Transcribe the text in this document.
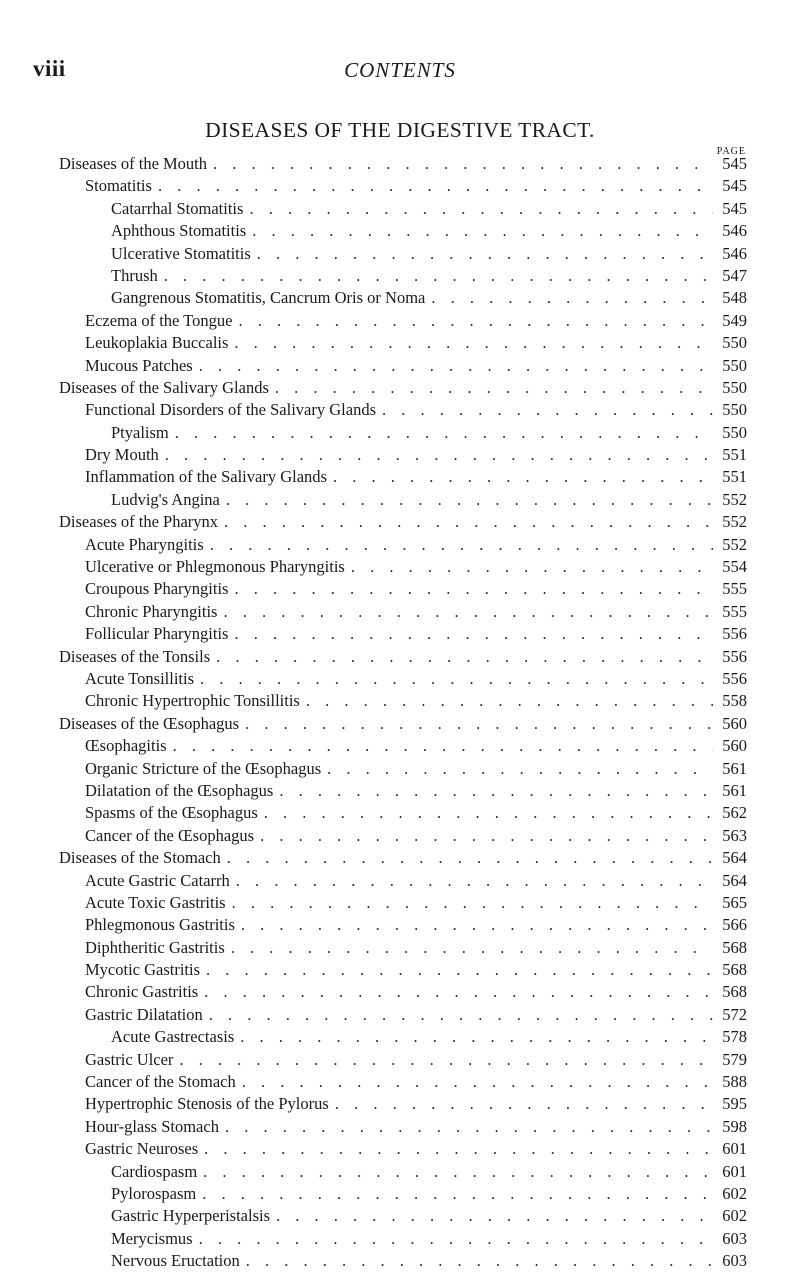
viii	CONTENTS
DISEASES OF THE DIGESTIVE TRACT.
PAGE
Diseases of the Mouth . . .	545
Stomatitis . . .	545
Catarrhal Stomatitis . . .	545
Aphthous Stomatitis . . .	546
Ulcerative Stomatitis . . .	546
Thrush . . .	547
Gangrenous Stomatitis, Cancrum Oris or Noma . . .	548
Eczema of the Tongue . . .	549
Leukoplakia Buccalis . . .	550
Mucous Patches . . .	550
Diseases of the Salivary Glands . . .	550
Functional Disorders of the Salivary Glands . . .	550
Ptyalism . . .	550
Dry Mouth . . .	551
Inflammation of the Salivary Glands . . .	551
Ludvig's Angina . . .	552
Diseases of the Pharynx . . .	552
Acute Pharyngitis . . .	552
Ulcerative or Phlegmonous Pharyngitis . . .	554
Croupous Pharyngitis . . .	555
Chronic Pharyngitis . . .	555
Follicular Pharyngitis . . .	556
Diseases of the Tonsils . . .	556
Acute Tonsillitis . . .	556
Chronic Hypertrophic Tonsillitis . . .	558
Diseases of the Œsophagus . . .	560
Œsophagitis . . .	560
Organic Stricture of the Œsophagus . . .	561
Dilatation of the Œsophagus . . .	561
Spasms of the Œsophagus . . .	562
Cancer of the Œsophagus . . .	563
Diseases of the Stomach . . .	564
Acute Gastric Catarrh . . .	564
Acute Toxic Gastritis . . .	565
Phlegmonous Gastritis . . .	566
Diphtheritic Gastritis . . .	568
Mycotic Gastritis . . .	568
Chronic Gastritis . . .	568
Gastric Dilatation . . .	572
Acute Gastrectasis . . .	578
Gastric Ulcer . . .	579
Cancer of the Stomach . . .	588
Hypertrophic Stenosis of the Pylorus . . .	595
Hour-glass Stomach . . .	598
Gastric Neuroses . . .	601
Cardiospasm . . .	601
Pylorospasm . . .	602
Gastric Hyperperistalsis . . .	602
Merycismus . . .	603
Nervous Eructation . . .	603
